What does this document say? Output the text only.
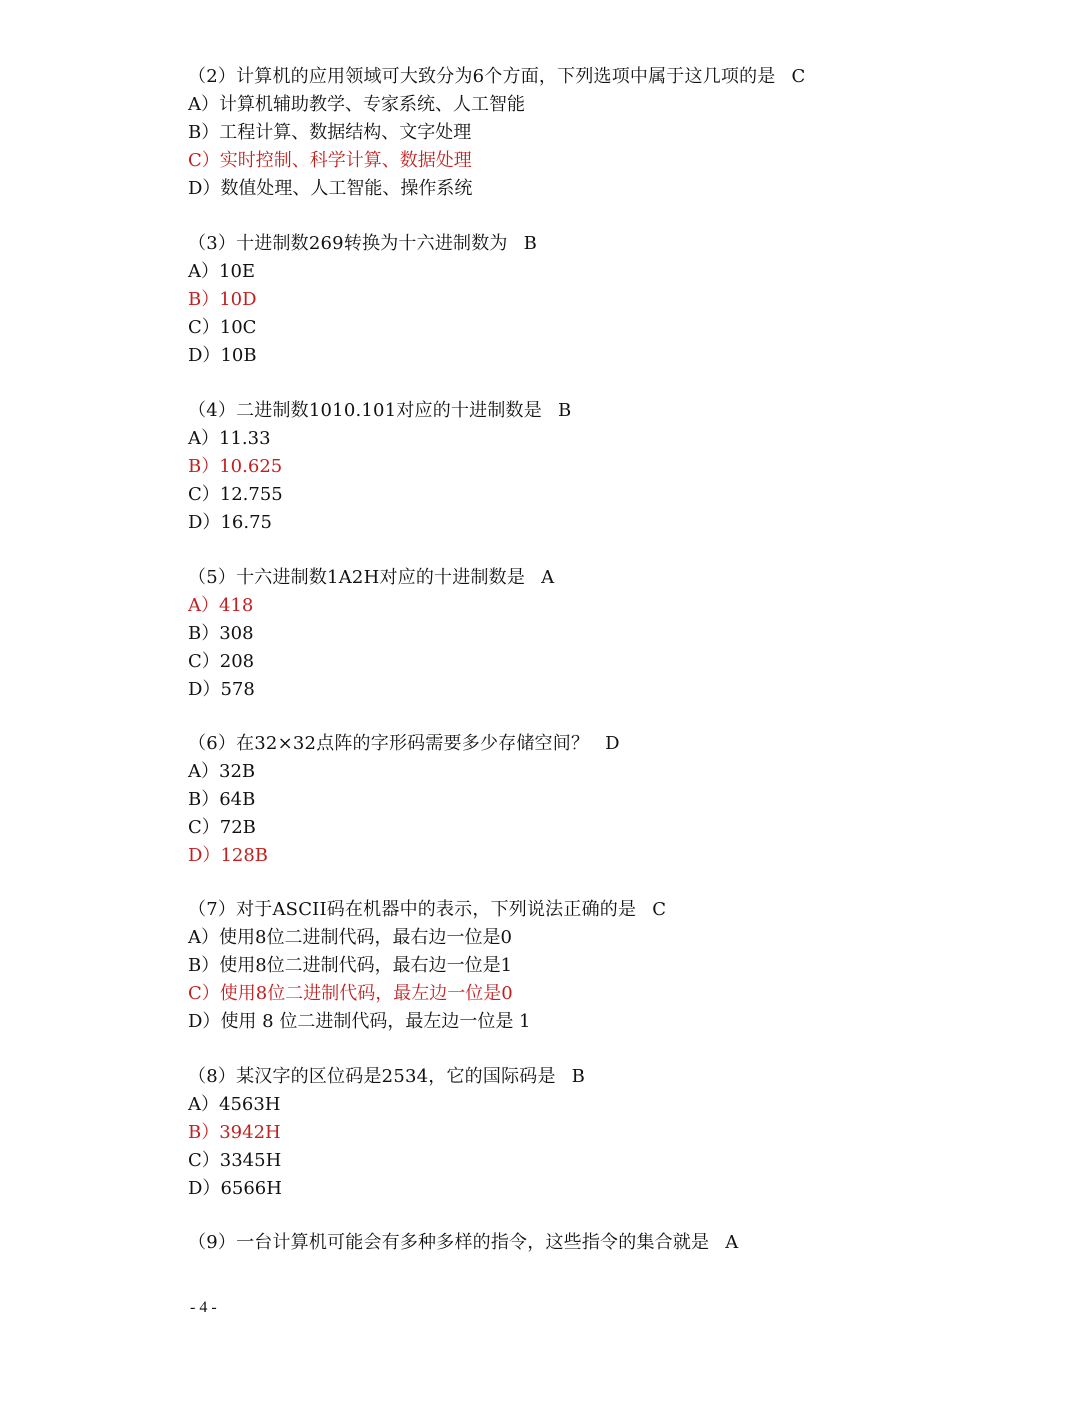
（2）计算机的应用领域可大致分为6个方面，下列选项中属于这几项的是 C
A）计算机辅助教学、专家系统、人工智能
B）工程计算、数据结构、文字处理
C）实时控制、科学计算、数据处理
D）数值处理、人工智能、操作系统
（3）十进制数269转换为十六进制数为 B
A）10E
B）10D
C）10C
D）10B
（4）二进制数1010.101对应的十进制数是 B
A）11.33
B）10.625
C）12.755
D）16.75
（5）十六进制数1A2H对应的十进制数是 A
A）418
B）308
C）208
D）578
（6）在32×32点阵的字形码需要多少存储空间？ D
A）32B
B）64B
C）72B
D）128B
（7）对于ASCII码在机器中的表示，下列说法正确的是 C
A）使用8位二进制代码，最右边一位是0
B）使用8位二进制代码，最右边一位是1
C）使用8位二进制代码，最左边一位是0
D）使用 8 位二进制代码，最左边一位是 1
（8）某汉字的区位码是2534，它的国际码是 B
A）4563H
B）3942H
C）3345H
D）6566H
（9）一台计算机可能会有多种多样的指令，这些指令的集合就是 A
- 4 -
